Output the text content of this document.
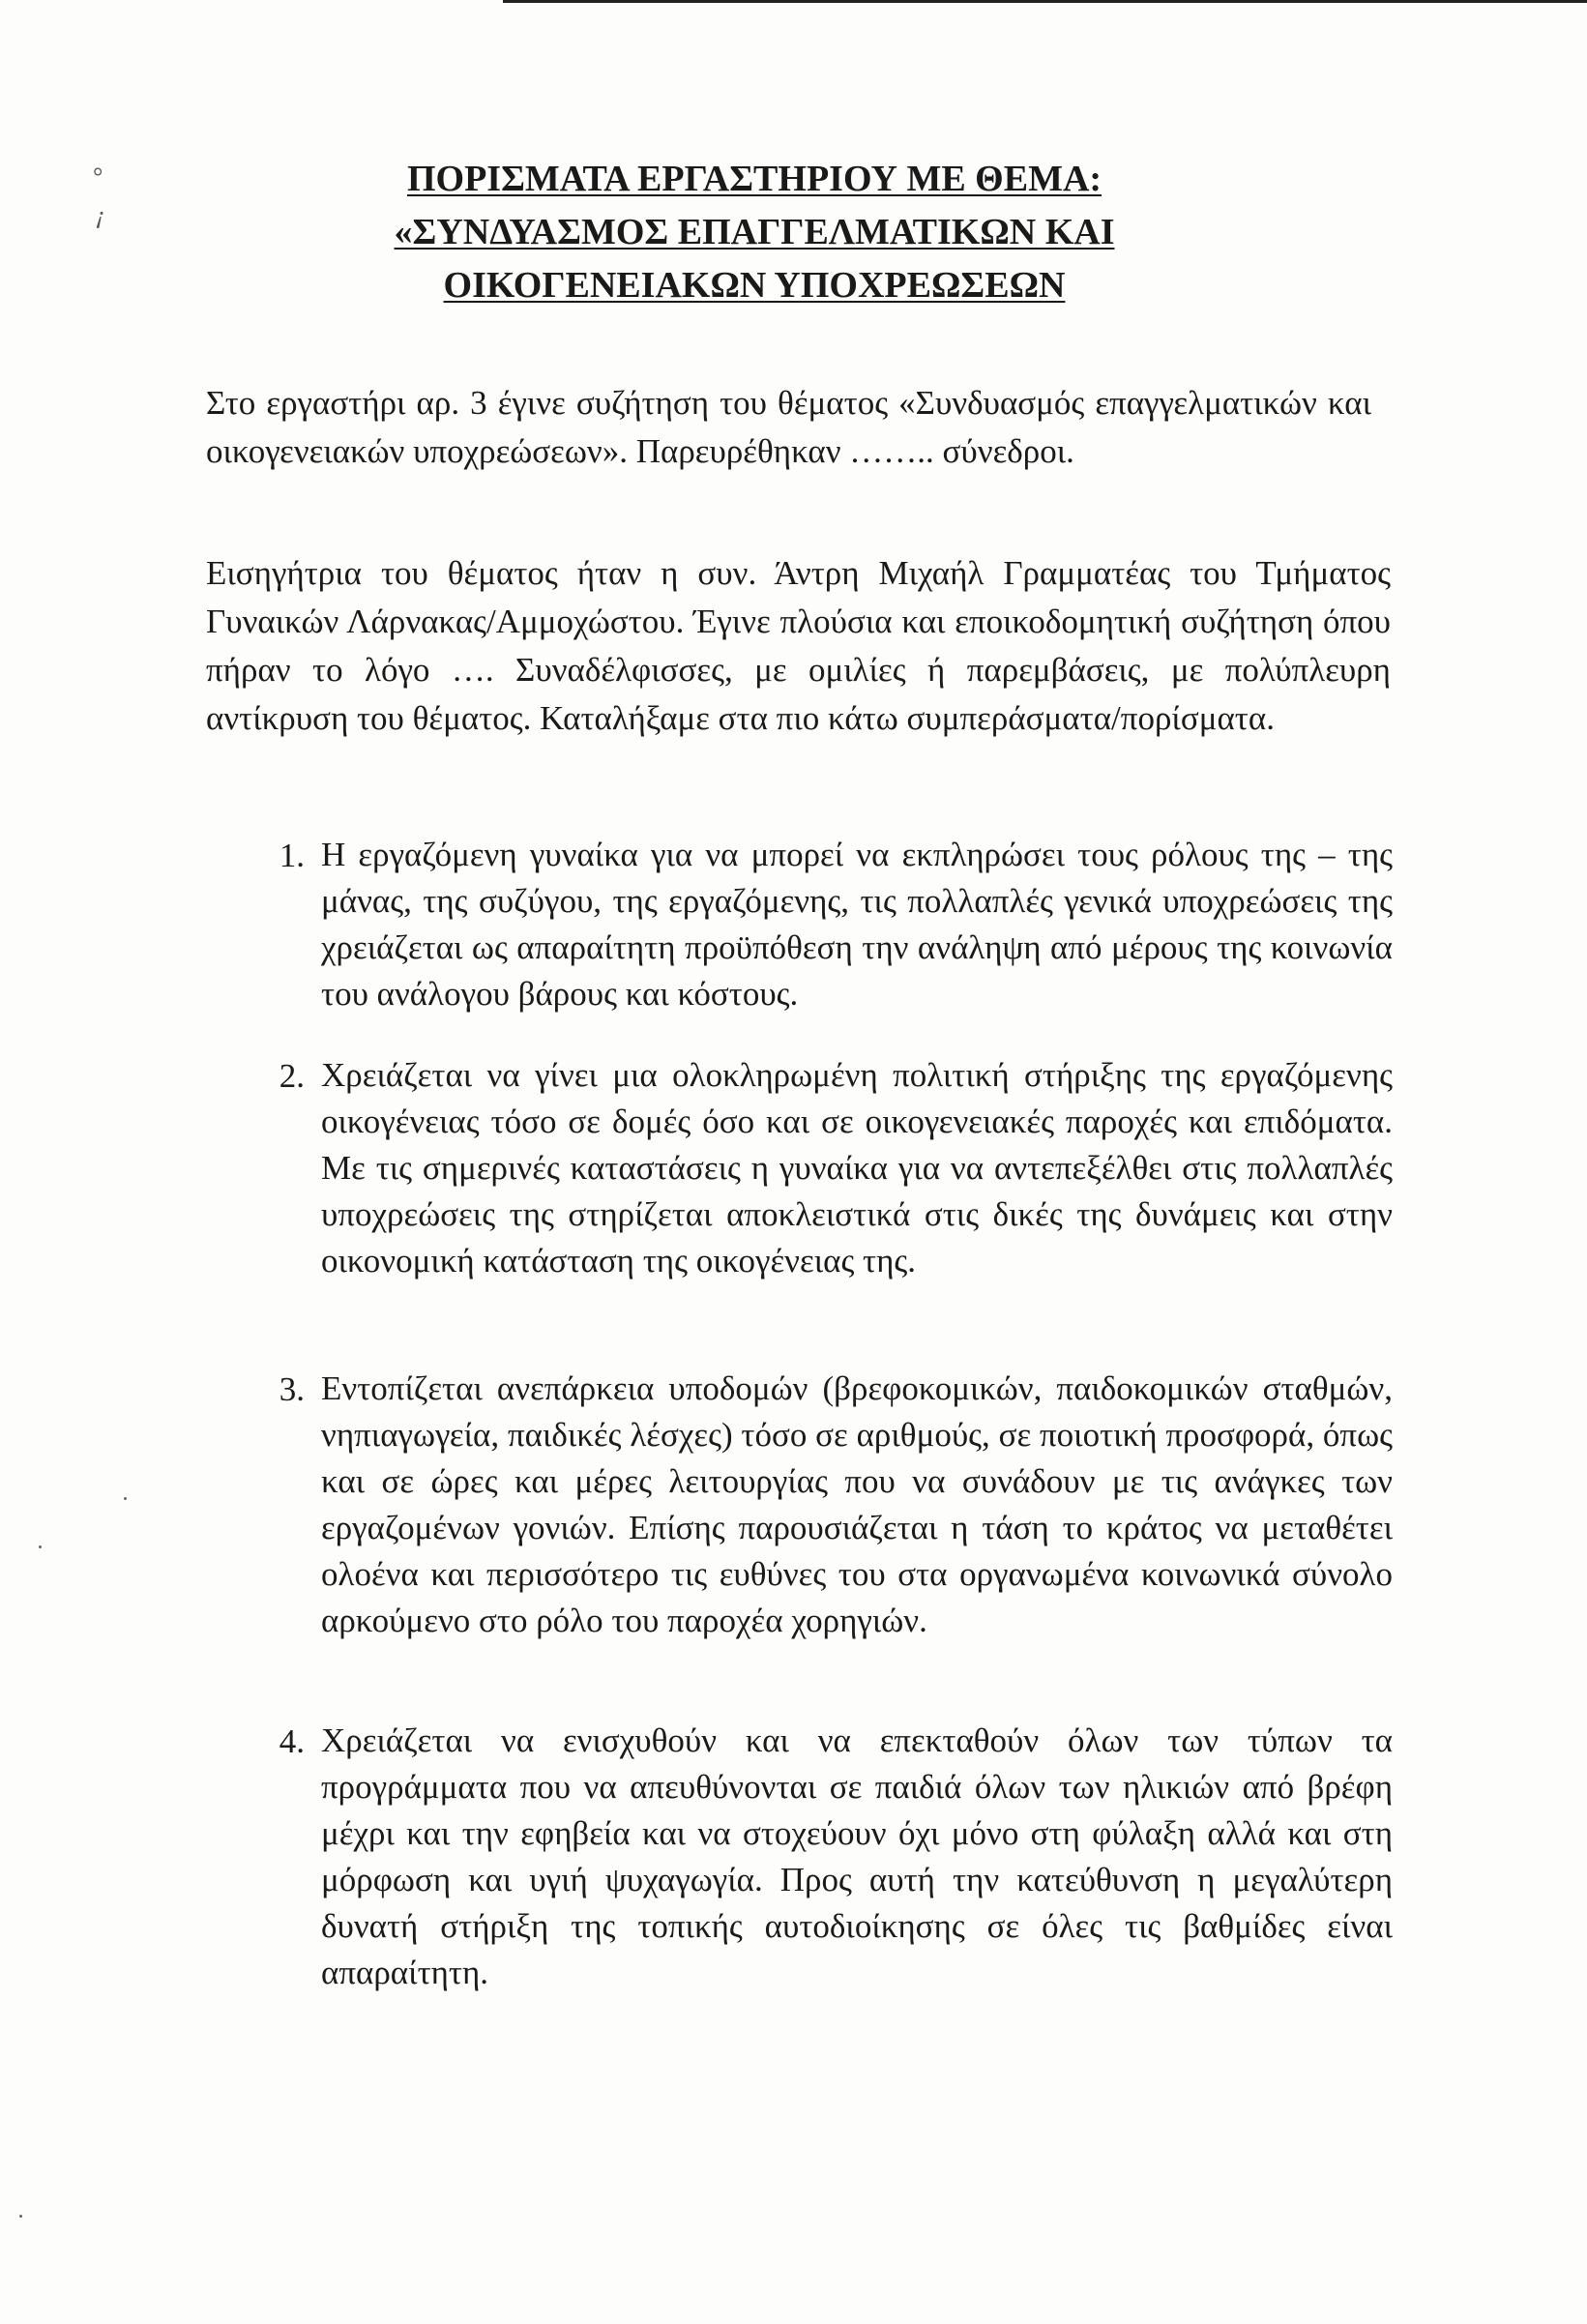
°
¡
ΠΟΡΙΣΜΑΤΑ ΕΡΓΑΣΤΗΡΙΟΥ ΜΕ ΘΕΜΑ:
«ΣΥΝΔΥΑΣΜΟΣ ΕΠΑΓΓΕΛΜΑΤΙΚΩΝ ΚΑΙ
ΟΙΚΟΓΕΝΕΙΑΚΩΝ ΥΠΟΧΡΕΩΣΕΩΝ

Στο εργαστήρι αρ. 3 έγινε συζήτηση του θέματος «Συνδυασμός επαγγελματικών και οικογενειακών υποχρεώσεων». Παρευρέθηκαν …….. σύνεδροι.

Εισηγήτρια του θέματος ήταν η συν. Άντρη Μιχαήλ Γραμματέας του Τμήματος Γυναικών Λάρνακας/Αμμοχώστου. Έγινε πλούσια και εποικοδομητική συζήτηση όπου πήραν το λόγο …. Συναδέλφισσες, με ομιλίες ή παρεμβάσεις, με πολύπλευρη αντίκρυση του θέματος. Καταλήξαμε στα πιο κάτω συμπεράσματα/πορίσματα.

1. Η εργαζόμενη γυναίκα για να μπορεί να εκπληρώσει τους ρόλους της – της μάνας, της συζύγου, της εργαζόμενης, τις πολλαπλές γενικά υποχρεώσεις της χρειάζεται ως απαραίτητη προϋπόθεση την ανάληψη από μέρους της κοινωνία του ανάλογου βάρους και κόστους.
2. Χρειάζεται να γίνει μια ολοκληρωμένη πολιτική στήριξης της εργαζόμενης οικογένειας τόσο σε δομές όσο και σε οικογενειακές παροχές και επιδόματα. Με τις σημερινές καταστάσεις η γυναίκα για να αντεπεξέλθει στις πολλαπλές υποχρεώσεις της στηρίζεται αποκλειστικά στις δικές της δυνάμεις και στην οικονομική κατάσταση της οικογένειας της.
3. Εντοπίζεται ανεπάρκεια υποδομών (βρεφοκομικών, παιδοκομικών σταθμών, νηπιαγωγεία, παιδικές λέσχες) τόσο σε αριθμούς, σε ποιοτική προσφορά, όπως και σε ώρες και μέρες λειτουργίας που να συνάδουν με τις ανάγκες των εργαζομένων γονιών. Επίσης παρουσιάζεται η τάση το κράτος να μεταθέτει ολοένα και περισσότερο τις ευθύνες του στα οργανωμένα κοινωνικά σύνολο αρκούμενο στο ρόλο του παροχέα χορηγιών.
4. Χρειάζεται να ενισχυθούν και να επεκταθούν όλων των τύπων τα προγράμματα που να απευθύνονται σε παιδιά όλων των ηλικιών από βρέφη μέχρι και την εφηβεία και να στοχεύουν όχι μόνο στη φύλαξη αλλά και στη μόρφωση και υγιή ψυχαγωγία. Προς αυτή την κατεύθυνση η μεγαλύτερη δυνατή στήριξη της τοπικής αυτοδιοίκησης σε όλες τις βαθμίδες είναι απαραίτητη.
